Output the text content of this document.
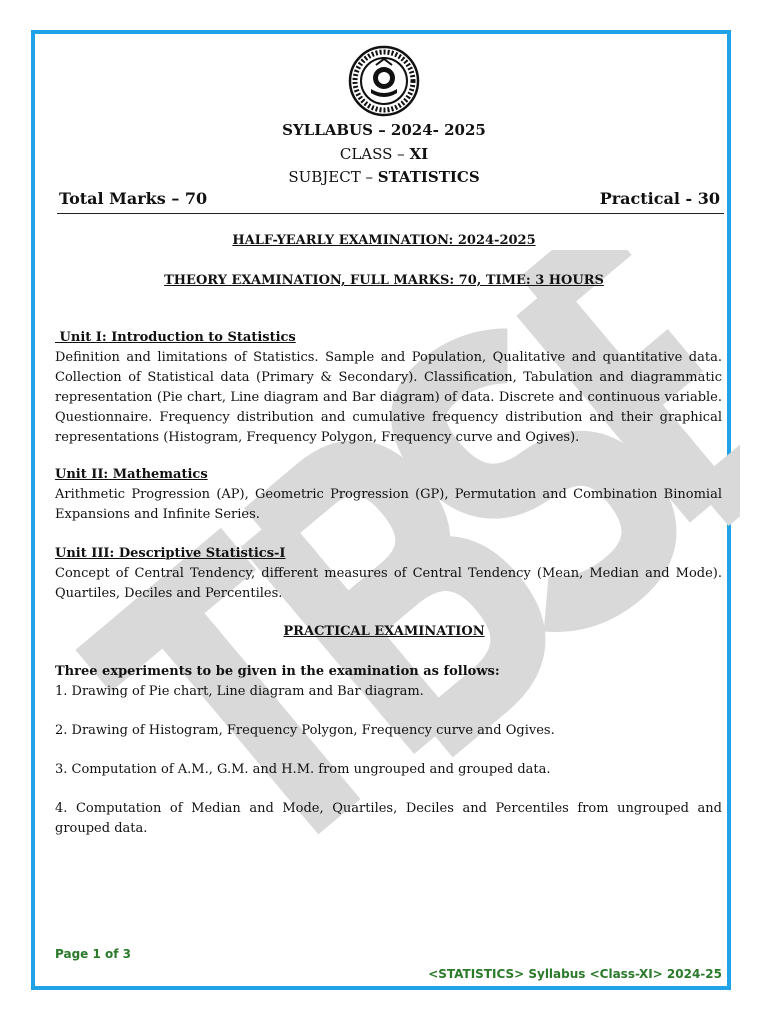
SYLLABUS – 2024- 2025
CLASS – XI
SUBJECT – STATISTICS
Total Marks – 70	Practical - 30
HALF-YEARLY EXAMINATION: 2024-2025
THEORY EXAMINATION, FULL MARKS: 70, TIME: 3 HOURS
Unit I: Introduction to Statistics
Definition and limitations of Statistics. Sample and Population, Qualitative and quantitative data. Collection of Statistical data (Primary & Secondary). Classification, Tabulation and diagrammatic representation (Pie chart, Line diagram and Bar diagram) of data. Discrete and continuous variable. Questionnaire. Frequency distribution and cumulative frequency distribution and their graphical representations (Histogram, Frequency Polygon, Frequency curve and Ogives).
Unit II: Mathematics
Arithmetic Progression (AP), Geometric Progression (GP), Permutation and Combination Binomial Expansions and Infinite Series.
Unit III: Descriptive Statistics-I
Concept of Central Tendency, different measures of Central Tendency (Mean, Median and Mode). Quartiles, Deciles and Percentiles.
PRACTICAL EXAMINATION
Three experiments to be given in the examination as follows:
1. Drawing of Pie chart, Line diagram and Bar diagram.
2. Drawing of Histogram, Frequency Polygon, Frequency curve and Ogives.
3. Computation of A.M., G.M. and H.M. from ungrouped and grouped data.
4. Computation of Median and Mode, Quartiles, Deciles and Percentiles from ungrouped and grouped data.
Page 1 of 3
<STATISTICS> Syllabus <Class-XI> 2024-25
